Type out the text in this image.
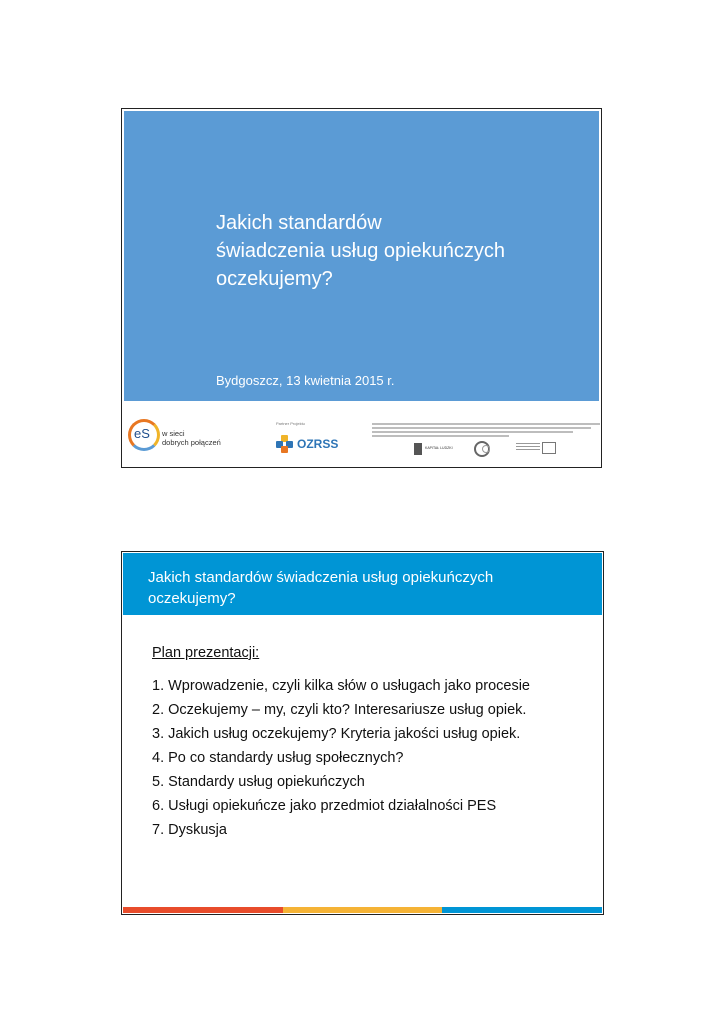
Jakich standardów
świadczenia usług opiekuńczych
oczekujemy?
Bydgoszcz, 13 kwietnia 2015 r.
eS w sieci
dobrych połączeń
Partner Projektu
OZRSS	KAPITAŁ LUDZKI
Jakich standardów świadczenia usług opiekuńczych
oczekujemy?
Plan prezentacji:
1. Wprowadzenie, czyli kilka słów o usługach jako procesie
2. Oczekujemy – my, czyli kto? Interesariusze usług opiek.
3. Jakich usług oczekujemy? Kryteria jakości usług opiek.
4. Po co standardy usług społecznych?
5. Standardy usług opiekuńczych
6. Usługi opiekuńcze jako przedmiot działalności PES
7. Dyskusja
